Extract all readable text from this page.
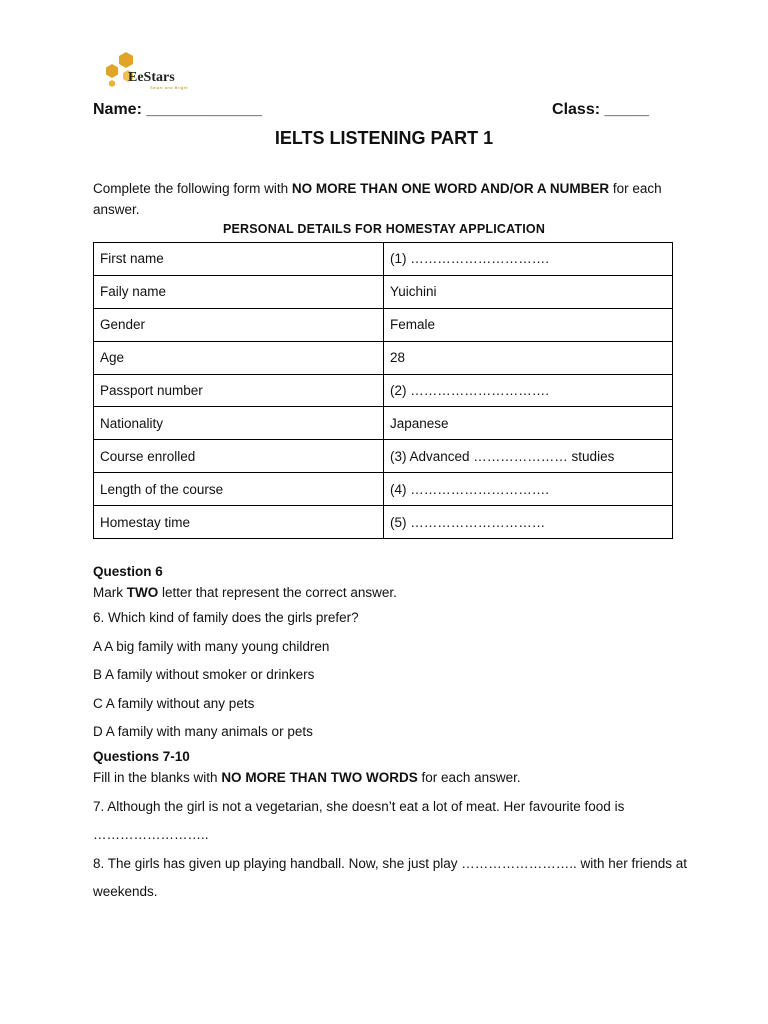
EeStars
Smart and Bright
Name: _____________	Class: _____
IELTS LISTENING PART 1
Complete the following form with NO MORE THAN ONE WORD AND/OR A NUMBER for each answer.
PERSONAL DETAILS FOR HOMESTAY APPLICATION
First name	(1) ………………………….
Faily name	Yuichini
Gender	Female
Age	28
Passport number	(2) ………………………….
Nationality	Japanese
Course enrolled	(3) Advanced ………………… studies
Length of the course	(4) ………………………….
Homestay time	(5) …………………………
Question 6
Mark TWO letter that represent the correct answer.
6. Which kind of family does the girls prefer?
A A big family with many young children
B A family without smoker or drinkers
C A family without any pets
D A family with many animals or pets
Questions 7-10
Fill in the blanks with NO MORE THAN TWO WORDS for each answer.
7. Although the girl is not a vegetarian, she doesn’t eat a lot of meat. Her favourite food is ……………………..
8. The girls has given up playing handball. Now, she just play …………………….. with her friends at weekends.
